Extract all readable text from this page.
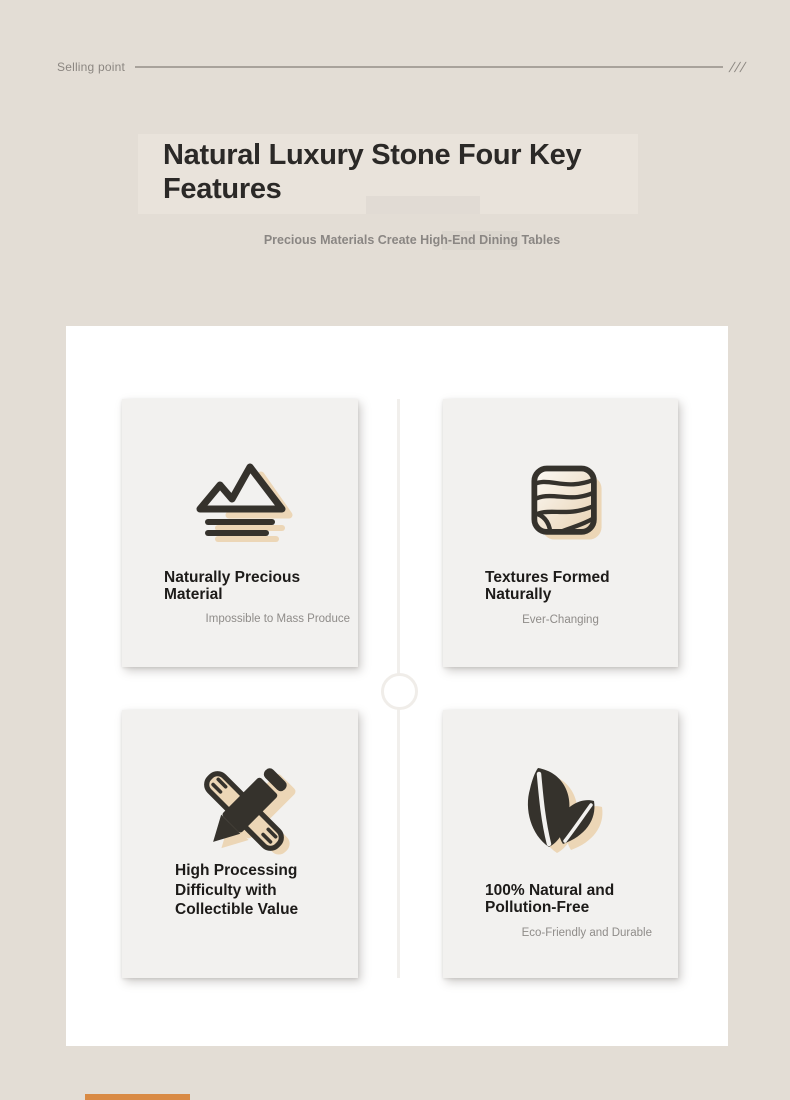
Selling point	///
Natural Luxury Stone Four Key Features
Precious Materials Create High-End Dining Tables
Naturally Precious Material
Impossible to Mass Produce
Textures Formed Naturally
Ever-Changing
High Processing Difficulty with Collectible Value
100% Natural and Pollution-Free
Eco-Friendly and Durable
